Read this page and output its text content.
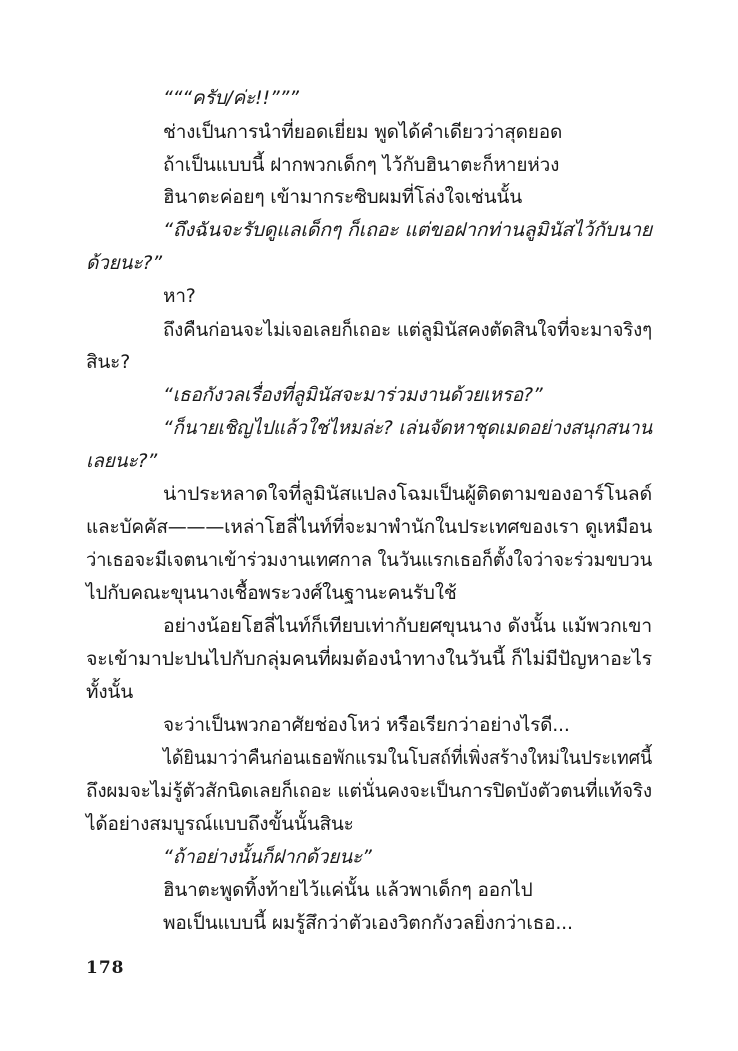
“““ครับ/ค่ะ!!”””
ช่างเป็นการนำที่ยอดเยี่ยม พูดได้คำเดียวว่าสุดยอด
ถ้าเป็นแบบนี้ ฝากพวกเด็กๆ ไว้กับฮินาตะก็หายห่วง
ฮินาตะค่อยๆ เข้ามากระซิบผมที่โล่งใจเช่นนั้น
“ถึงฉันจะรับดูแลเด็กๆ ก็เถอะ แต่ขอฝากท่านลูมินัสไว้กับนาย
ด้วยนะ?”
หา?
ถึงคืนก่อนจะไม่เจอเลยก็เถอะ แต่ลูมินัสคงตัดสินใจที่จะมาจริงๆ
สินะ?
“เธอกังวลเรื่องที่ลูมินัสจะมาร่วมงานด้วยเหรอ?”
“ก็นายเชิญไปแล้วใช่ไหมล่ะ? เล่นจัดหาชุดเมดอย่างสนุกสนาน
เลยนะ?”
น่าประหลาดใจที่ลูมินัสแปลงโฉมเป็นผู้ติดตามของอาร์โนลด์
และบัคคัส———เหล่าโฮลี่ไนท์ที่จะมาพำนักในประเทศของเรา ดูเหมือน
ว่าเธอจะมีเจตนาเข้าร่วมงานเทศกาล ในวันแรกเธอก็ตั้งใจว่าจะร่วมขบวน
ไปกับคณะขุนนางเชื้อพระวงศ์ในฐานะคนรับใช้
อย่างน้อยโฮลี่ไนท์ก็เทียบเท่ากับยศขุนนาง ดังนั้น แม้พวกเขา
จะเข้ามาปะปนไปกับกลุ่มคนที่ผมต้องนำทางในวันนี้ ก็ไม่มีปัญหาอะไร
ทั้งนั้น
จะว่าเป็นพวกอาศัยช่องโหว่ หรือเรียกว่าอย่างไรดี...
ได้ยินมาว่าคืนก่อนเธอพักแรมในโบสถ์ที่เพิ่งสร้างใหม่ในประเทศนี้
ถึงผมจะไม่รู้ตัวสักนิดเลยก็เถอะ แต่นั่นคงจะเป็นการปิดบังตัวตนที่แท้จริง
ได้อย่างสมบูรณ์แบบถึงขั้นนั้นสินะ
“ถ้าอย่างนั้นก็ฝากด้วยนะ”
ฮินาตะพูดทิ้งท้ายไว้แค่นั้น แล้วพาเด็กๆ ออกไป
พอเป็นแบบนี้ ผมรู้สึกว่าตัวเองวิตกกังวลยิ่งกว่าเธอ...
178
